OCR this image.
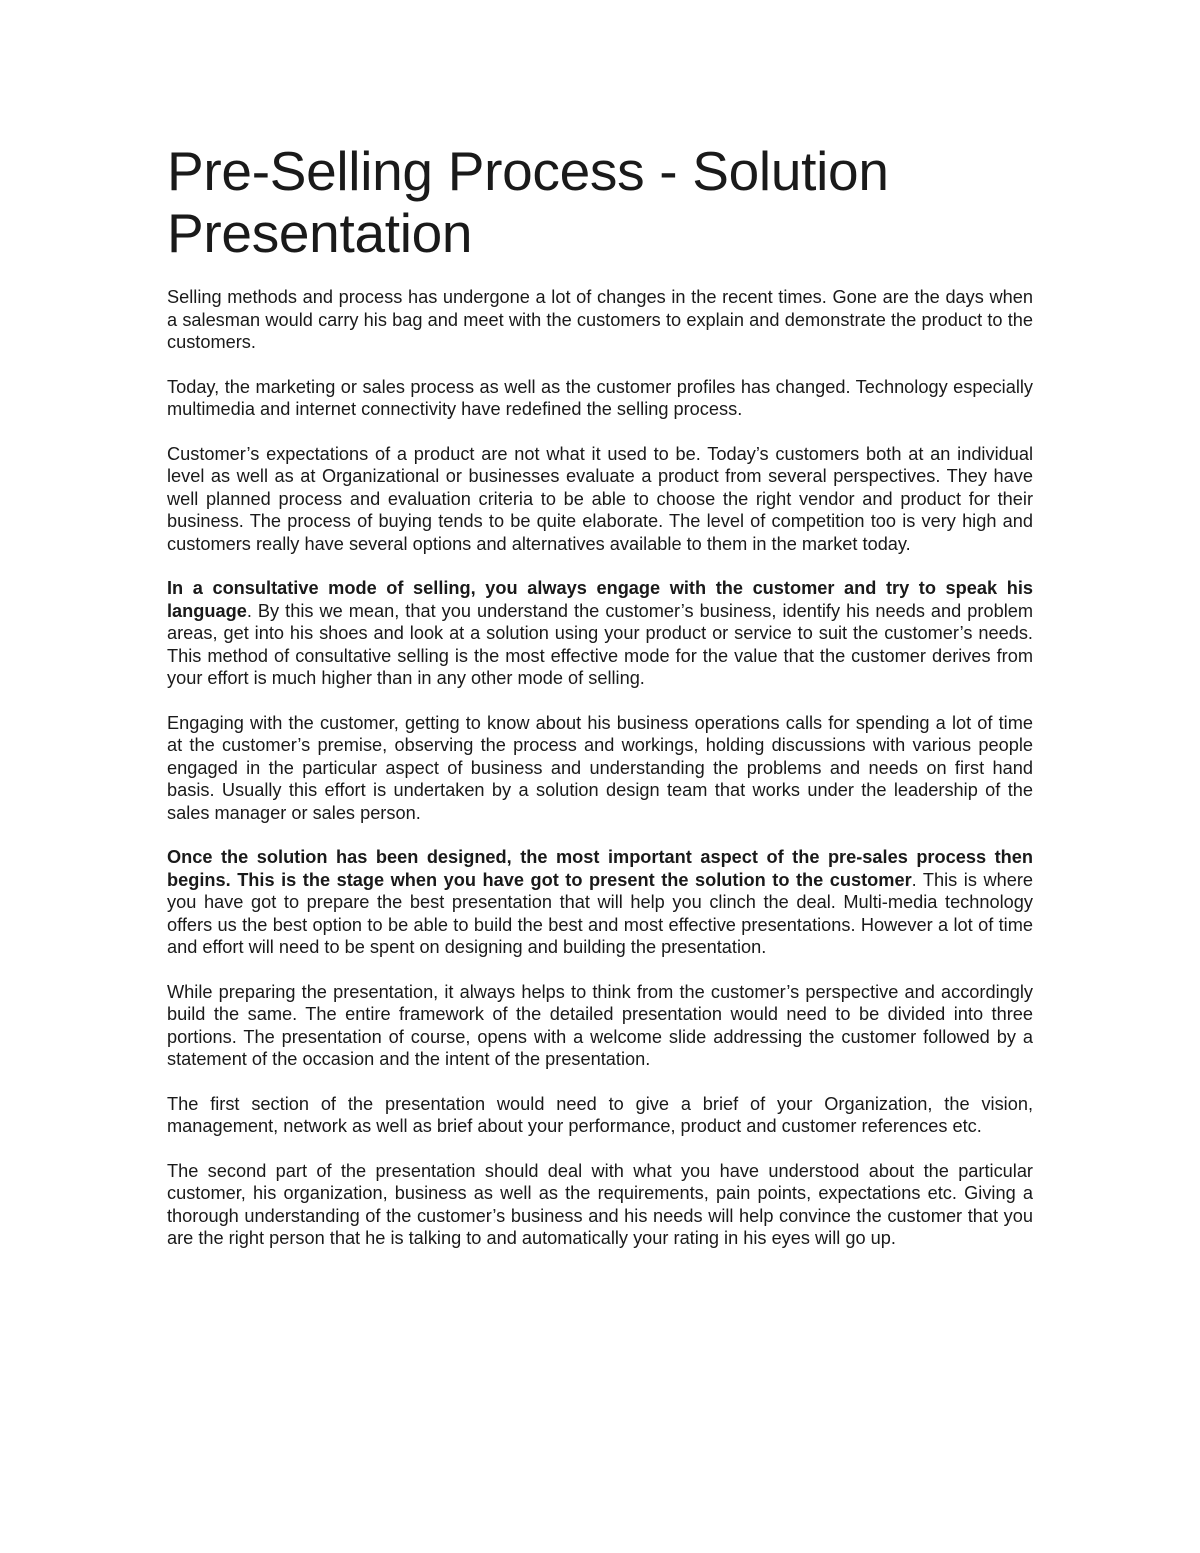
Pre-Selling Process - Solution Presentation

Selling methods and process has undergone a lot of changes in the recent times. Gone are the days when a salesman would carry his bag and meet with the customers to explain and demonstrate the product to the customers.

Today, the marketing or sales process as well as the customer profiles has changed. Technology especially multimedia and internet connectivity have redefined the selling process.

Customer’s expectations of a product are not what it used to be. Today’s customers both at an individual level as well as at Organizational or businesses evaluate a product from several perspectives. They have well planned process and evaluation criteria to be able to choose the right vendor and product for their business. The process of buying tends to be quite elaborate. The level of competition too is very high and customers really have several options and alternatives available to them in the market today.

In a consultative mode of selling, you always engage with the customer and try to speak his language. By this we mean, that you understand the customer’s business, identify his needs and problem areas, get into his shoes and look at a solution using your product or service to suit the customer’s needs. This method of consultative selling is the most effective mode for the value that the customer derives from your effort is much higher than in any other mode of selling.

Engaging with the customer, getting to know about his business operations calls for spending a lot of time at the customer’s premise, observing the process and workings, holding discussions with various people engaged in the particular aspect of business and understanding the problems and needs on first hand basis. Usually this effort is undertaken by a solution design team that works under the leadership of the sales manager or sales person.

Once the solution has been designed, the most important aspect of the pre-sales process then begins. This is the stage when you have got to present the solution to the customer. This is where you have got to prepare the best presentation that will help you clinch the deal. Multi-media technology offers us the best option to be able to build the best and most effective presentations. However a lot of time and effort will need to be spent on designing and building the presentation.

While preparing the presentation, it always helps to think from the customer’s perspective and accordingly build the same. The entire framework of the detailed presentation would need to be divided into three portions. The presentation of course, opens with a welcome slide addressing the customer followed by a statement of the occasion and the intent of the presentation.

The first section of the presentation would need to give a brief of your Organization, the vision, management, network as well as brief about your performance, product and customer references etc.

The second part of the presentation should deal with what you have understood about the particular customer, his organization, business as well as the requirements, pain points, expectations etc. Giving a thorough understanding of the customer’s business and his needs will help convince the customer that you are the right person that he is talking to and automatically your rating in his eyes will go up.
